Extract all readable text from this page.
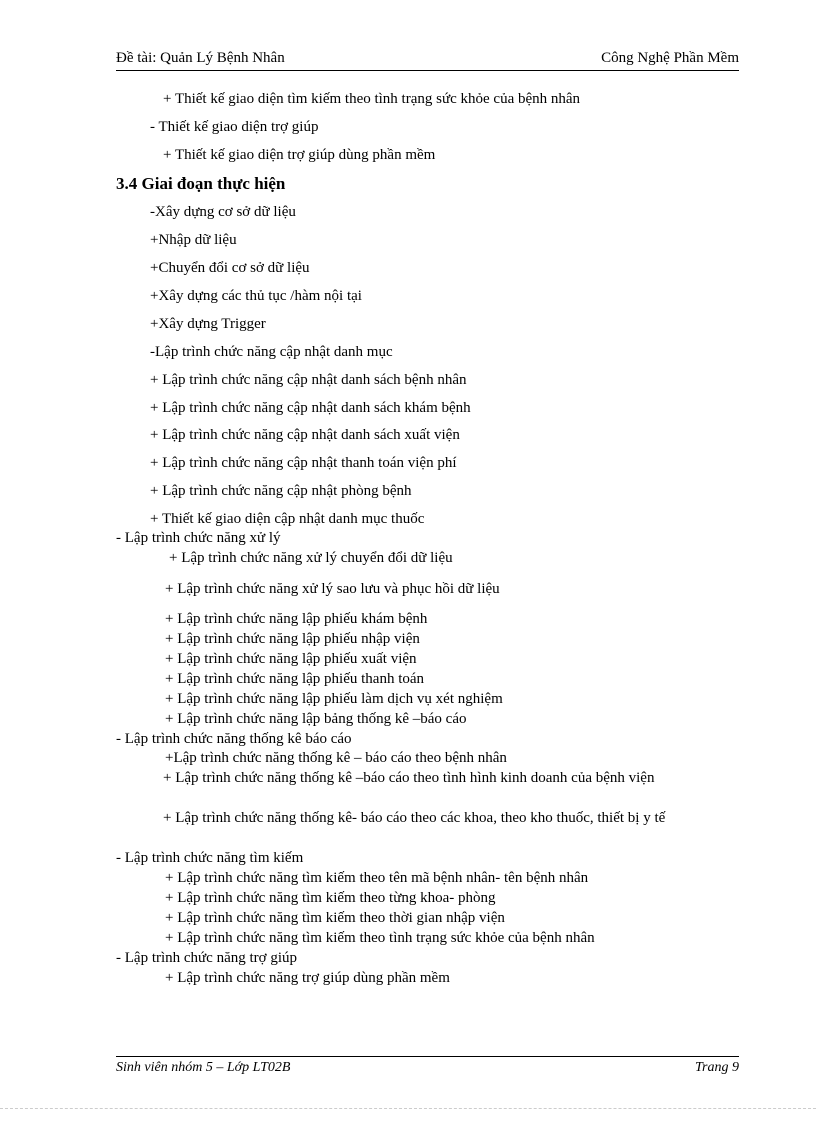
Đề tài: Quản Lý Bệnh Nhân	Công Nghệ Phần Mềm
+ Thiết kế giao diện tìm kiếm theo tình trạng sức khỏe của bệnh nhân
- Thiết kế giao diện trợ giúp
+ Thiết kế giao diện trợ giúp dùng phần mềm
3.4 Giai đoạn thực hiện
-Xây dựng cơ sở dữ liệu
+Nhập dữ liệu
+Chuyển đổi cơ sở dữ liệu
+Xây dựng các thủ tục /hàm nội tại
+Xây dựng Trigger
-Lập trình chức năng cập nhật danh mục
+ Lập trình chức năng cập nhật danh sách bệnh nhân
+ Lập trình chức năng cập nhật danh sách khám bệnh
+ Lập trình chức năng cập nhật danh sách xuất viện
+ Lập trình chức năng cập nhật thanh toán viện phí
+ Lập trình chức năng cập nhật phòng bệnh
+ Thiết kế giao diện cập nhật danh mục thuốc
- Lập trình chức năng xử lý
+ Lập trình chức năng xử lý chuyển đổi dữ liệu
+ Lập trình chức năng xử lý sao lưu và phục hồi dữ liệu
+ Lập trình chức năng lập phiếu khám bệnh
+ Lập trình chức năng lập phiếu nhập viện
+ Lập trình chức năng lập phiếu xuất viện
+ Lập trình chức năng lập phiếu thanh toán
+ Lập trình chức năng lập phiếu làm dịch vụ xét nghiệm
+ Lập trình chức năng lập bảng thống kê –báo cáo
- Lập trình chức năng thống kê báo cáo
+Lập trình chức năng thống kê – báo cáo theo bệnh nhân
+ Lập trình chức năng thống kê –báo cáo theo tình hình kinh doanh của bệnh viện
+ Lập trình chức năng thống kê- báo cáo theo các khoa, theo kho thuốc, thiết bị y tế
- Lập trình chức năng tìm kiếm
+ Lập trình chức năng tìm kiếm theo tên mã bệnh nhân- tên bệnh nhân
+ Lập trình chức năng tìm kiếm theo từng khoa- phòng
+ Lập trình chức năng tìm kiếm theo thời gian nhập viện
+ Lập trình chức năng tìm kiếm theo tình trạng sức khỏe của bệnh nhân
- Lập trình chức năng trợ giúp
+ Lập trình chức năng trợ giúp dùng phần mềm
Sinh viên nhóm 5 – Lớp LT02B	Trang 9
